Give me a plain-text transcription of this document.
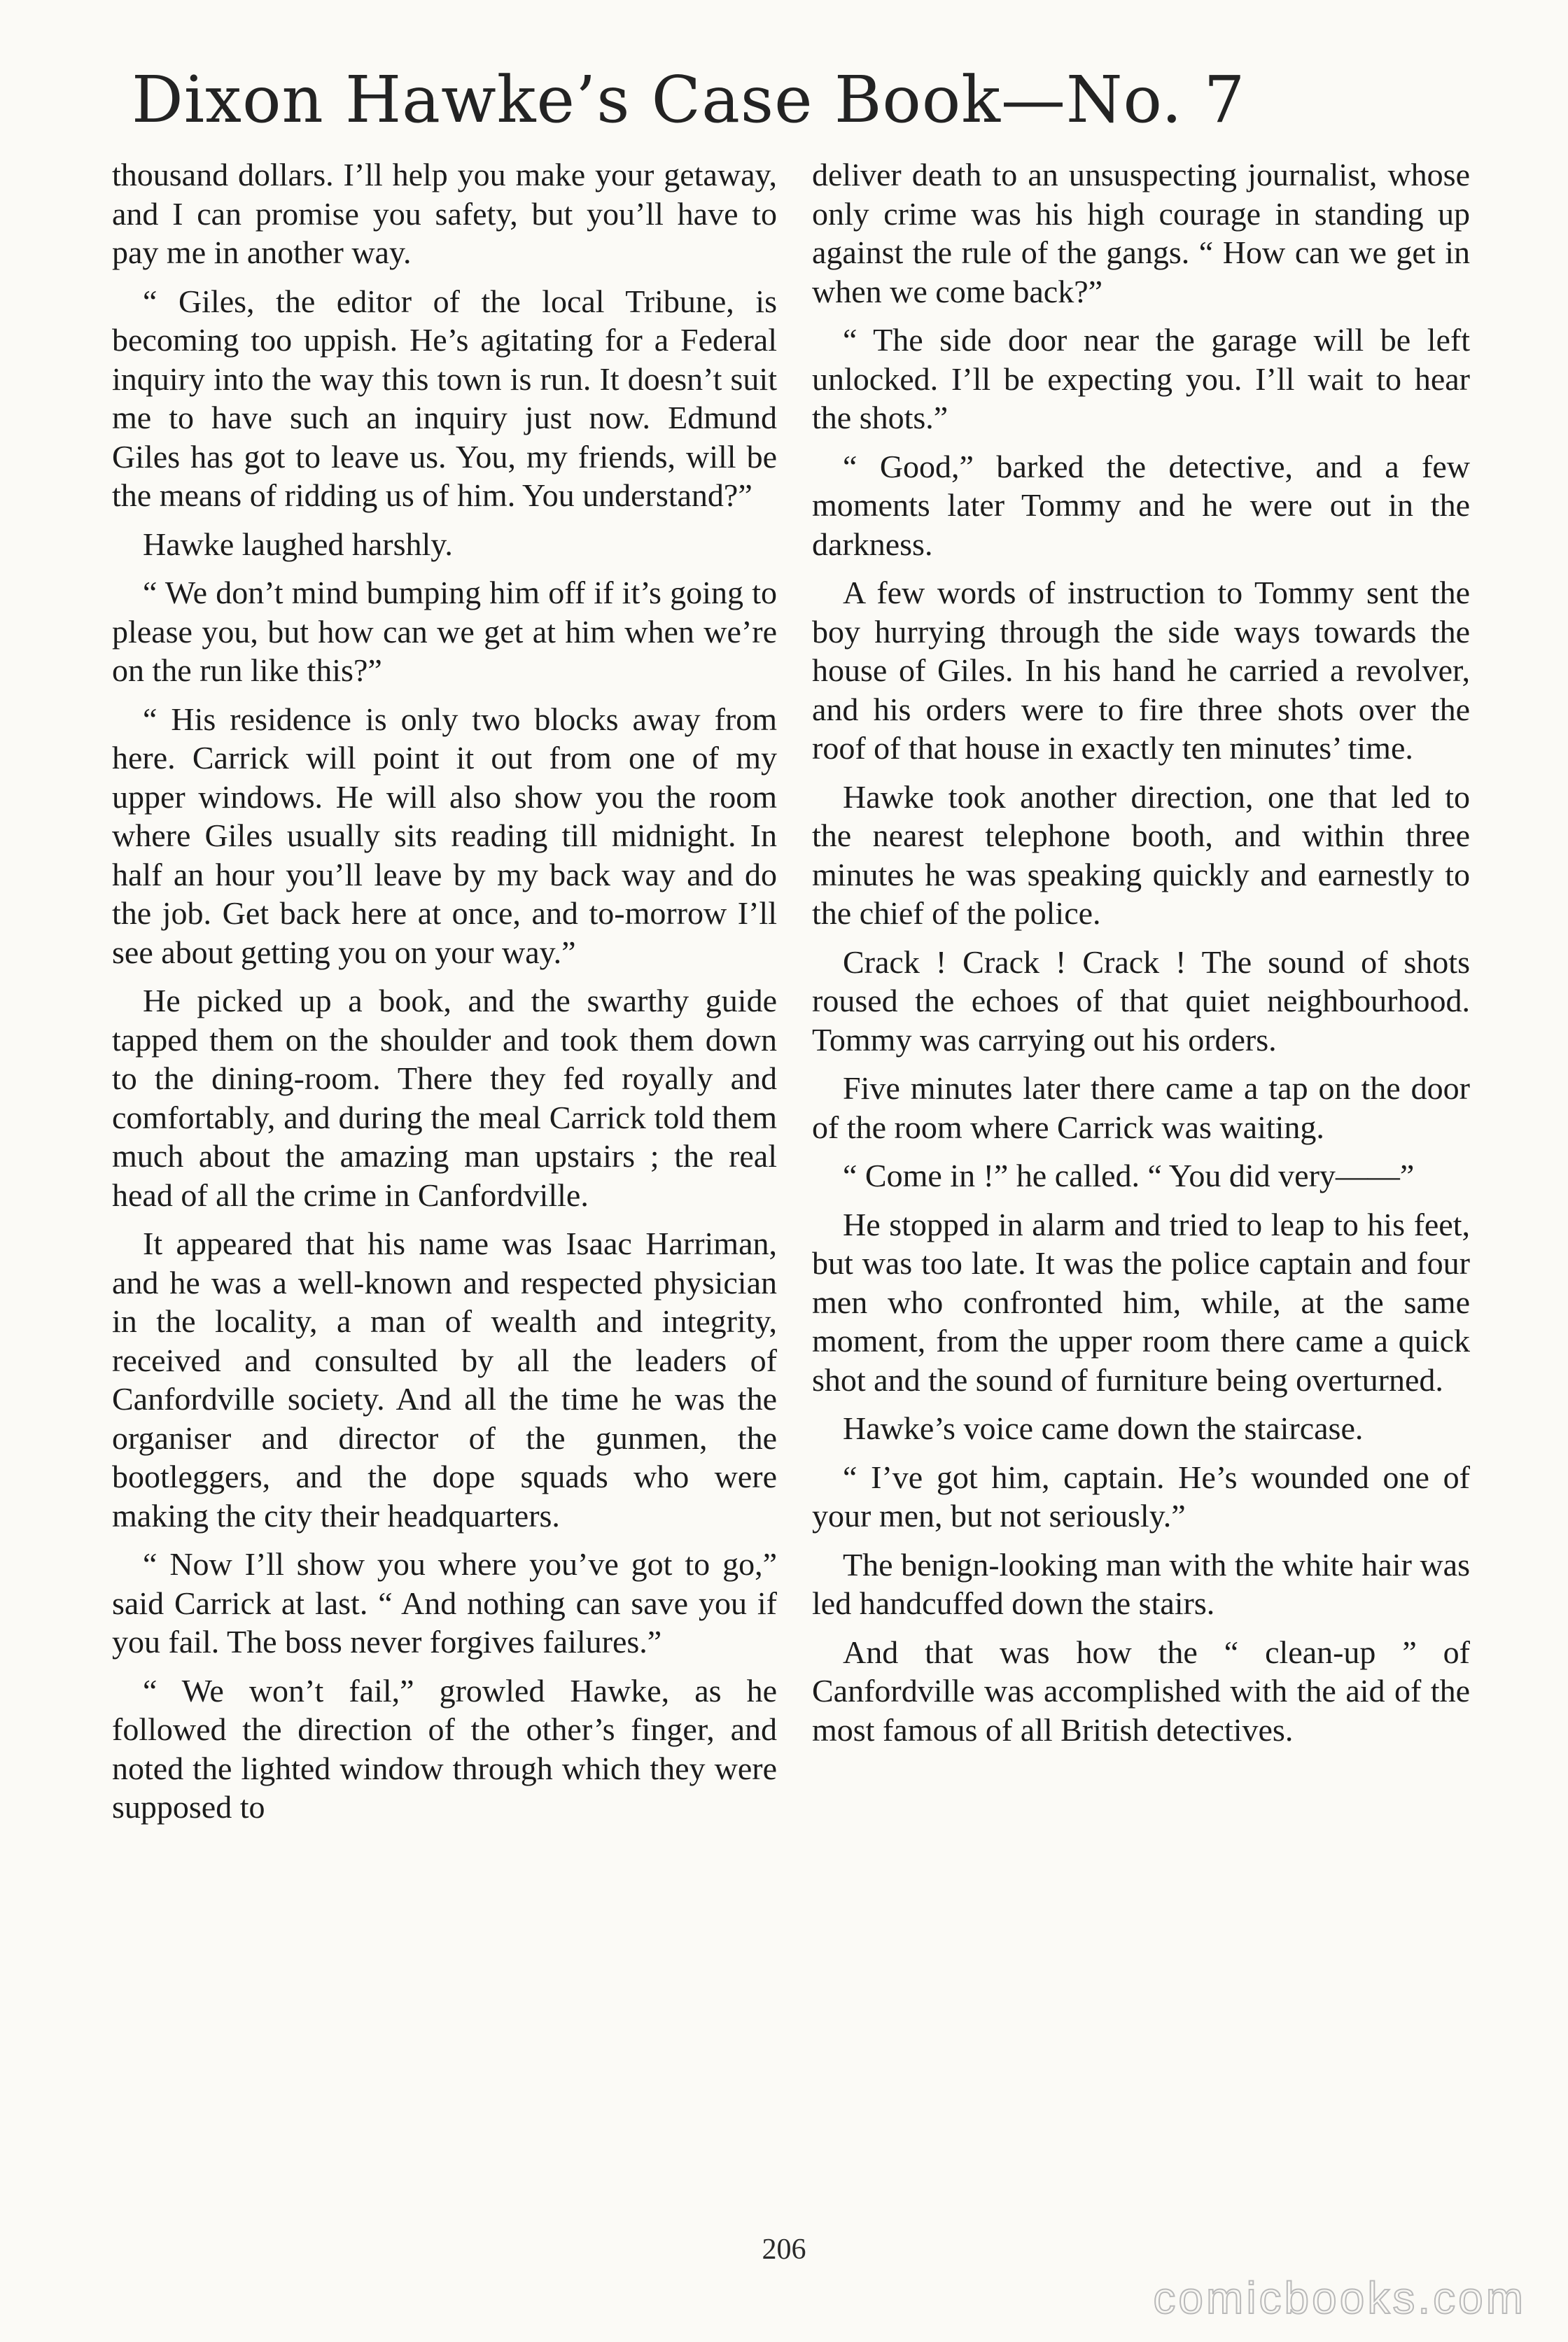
Dixon Hawke’s Case Book—No. 7

thousand dollars. I’ll help you make your getaway, and I can promise you safety, but you’ll have to pay me in another way.

“ Giles, the editor of the local Tribune, is becoming too uppish. He’s agitating for a Federal inquiry into the way this town is run. It doesn’t suit me to have such an inquiry just now. Edmund Giles has got to leave us. You, my friends, will be the means of ridding us of him. You understand?”

Hawke laughed harshly.

“ We don’t mind bumping him off if it’s going to please you, but how can we get at him when we’re on the run like this?”

“ His residence is only two blocks away from here. Carrick will point it out from one of my upper windows. He will also show you the room where Giles usually sits reading till midnight. In half an hour you’ll leave by my back way and do the job. Get back here at once, and to-morrow I’ll see about getting you on your way.”

He picked up a book, and the swarthy guide tapped them on the shoulder and took them down to the dining-room. There they fed royally and comfortably, and during the meal Carrick told them much about the amazing man upstairs ; the real head of all the crime in Canfordville.

It appeared that his name was Isaac Harriman, and he was a well-known and respected physician in the locality, a man of wealth and integrity, received and consulted by all the leaders of Canfordville society. And all the time he was the organiser and director of the gunmen, the bootleggers, and the dope squads who were making the city their headquarters.

“ Now I’ll show you where you’ve got to go,” said Carrick at last. “ And nothing can save you if you fail. The boss never forgives failures.”

“ We won’t fail,” growled Hawke, as he followed the direction of the other’s finger, and noted the lighted window through which they were supposed to

deliver death to an unsuspecting journalist, whose only crime was his high courage in standing up against the rule of the gangs. “ How can we get in when we come back?”

“ The side door near the garage will be left unlocked. I’ll be expecting you. I’ll wait to hear the shots.”

“ Good,” barked the detective, and a few moments later Tommy and he were out in the darkness.

A few words of instruction to Tommy sent the boy hurrying through the side ways towards the house of Giles. In his hand he carried a revolver, and his orders were to fire three shots over the roof of that house in exactly ten minutes’ time.

Hawke took another direction, one that led to the nearest telephone booth, and within three minutes he was speaking quickly and earnestly to the chief of the police.

Crack ! Crack ! Crack ! The sound of shots roused the echoes of that quiet neighbourhood. Tommy was carrying out his orders.

Five minutes later there came a tap on the door of the room where Carrick was waiting.

“ Come in !” he called. “ You did very——”

He stopped in alarm and tried to leap to his feet, but was too late. It was the police captain and four men who confronted him, while, at the same moment, from the upper room there came a quick shot and the sound of furniture being overturned.

Hawke’s voice came down the staircase.

“ I’ve got him, captain. He’s wounded one of your men, but not seriously.”

The benign-looking man with the white hair was led handcuffed down the stairs.

And that was how the “ clean-up ” of Canfordville was accomplished with the aid of the most famous of all British detectives.

206
comicbooks.com
